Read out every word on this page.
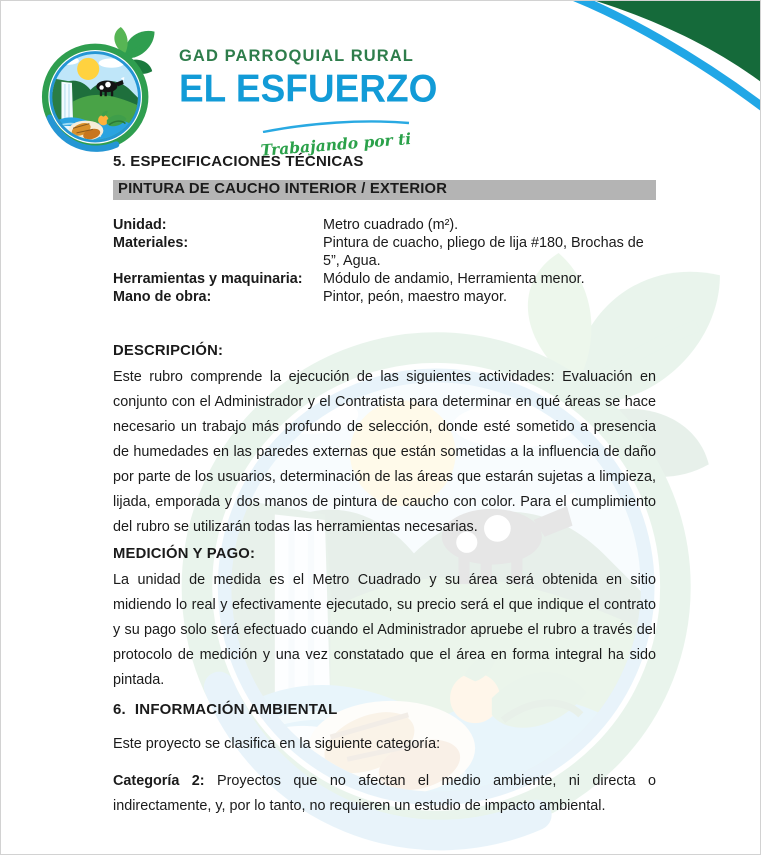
GAD PARROQUIAL RURAL
EL ESFUERZO
Trabajando por ti
5. ESPECIFICACIONES TÉCNICAS
PINTURA DE CAUCHO INTERIOR / EXTERIOR
Unidad:	Metro cuadrado (m²).
Materiales:	Pintura de cuacho, pliego de lija #180, Brochas de 5”, Agua.
Herramientas y maquinaria:	Módulo de andamio, Herramienta menor.
Mano de obra:	Pintor, peón, maestro mayor.
DESCRIPCIÓN:

Este rubro comprende la ejecución de las siguientes actividades: Evaluación en conjunto con el Administrador y el Contratista para determinar en qué áreas se hace necesario un trabajo más profundo de selección, donde esté sometido a presencia de humedades en las paredes externas que están sometidas a la influencia de daño por parte de los usuarios, determinación de las áreas que estarán sujetas a limpieza, lijada, emporada y dos manos de pintura de caucho con color. Para el cumplimiento del rubro se utilizarán todas las herramientas necesarias.

MEDICIÓN Y PAGO:

La unidad de medida es el Metro Cuadrado y su área será obtenida en sitio midiendo lo real y efectivamente ejecutado, su precio será el que indique el contrato y su pago solo será efectuado cuando el Administrador apruebe el rubro a través del protocolo de medición y una vez constatado que el área en forma integral ha sido pintada.

6. INFORMACIÓN AMBIENTAL

Este proyecto se clasifica en la siguiente categoría:

Categoría 2: Proyectos que no afectan el medio ambiente, ni directa o indirectamente, y, por lo tanto, no requieren un estudio de impacto ambiental.
